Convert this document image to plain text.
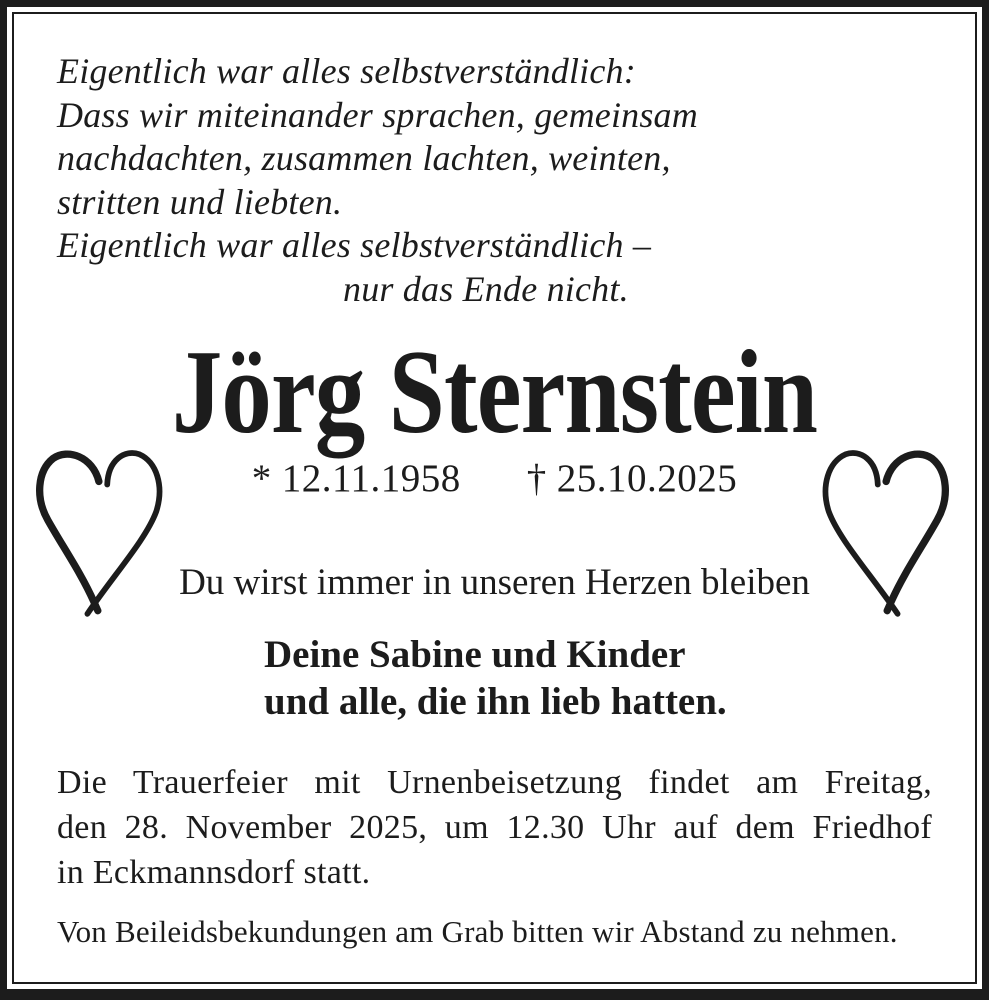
Eigentlich war alles selbstverständlich:
Dass wir miteinander sprachen, gemeinsam
nachdachten, zusammen lachten, weinten,
stritten und liebten.
Eigentlich war alles selbstverständlich –
nur das Ende nicht.
Jörg Sternstein
* 12.11.1958 † 25.10.2025
Du wirst immer in unseren Herzen bleiben
Deine Sabine und Kinder
und alle, die ihn lieb hatten.
Die Trauerfeier mit Urnenbeisetzung findet am Freitag,
den 28. November 2025, um 12.30 Uhr auf dem Friedhof
in Eckmannsdorf statt.
Von Beileidsbekundungen am Grab bitten wir Abstand zu nehmen.
